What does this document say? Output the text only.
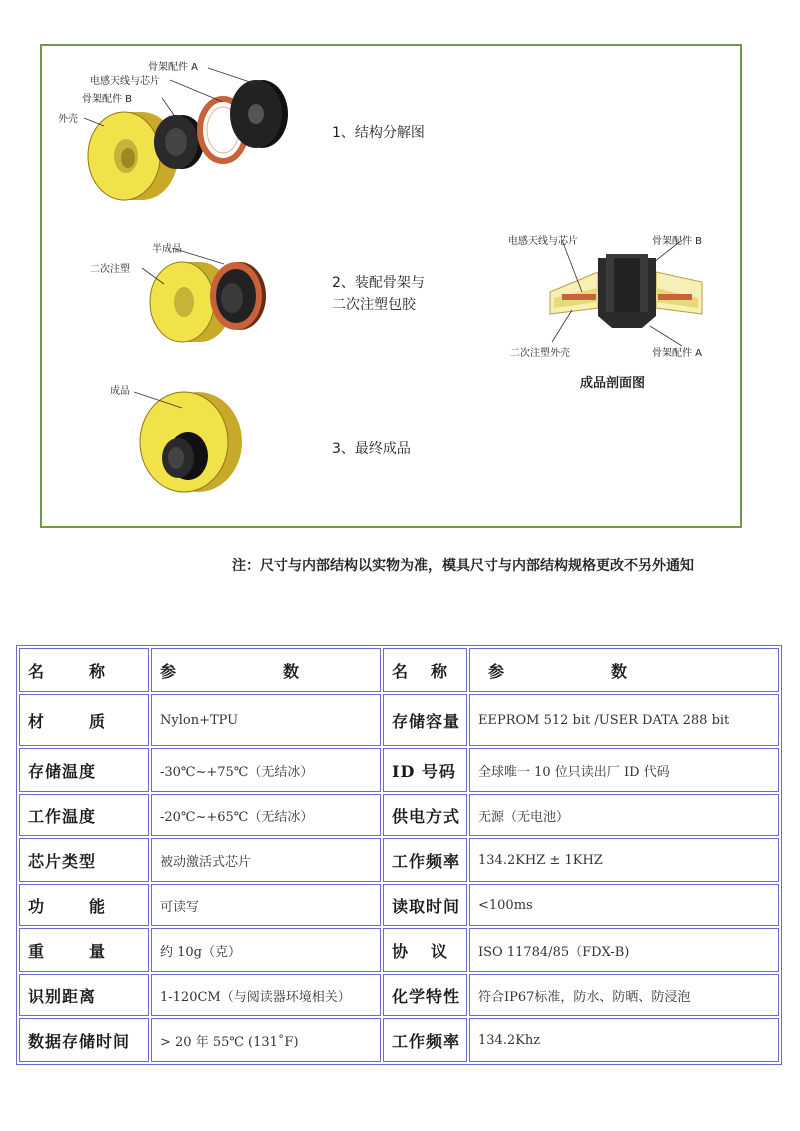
骨架配件 A
电感天线与芯片
骨架配件 B
外壳
1、结构分解图
半成品
二次注塑
2、装配骨架与
二次注塑包胶
成品
3、最终成品
电感天线与芯片	骨架配件 B
二次注塑外壳	骨架配件 A
成品剖面图
注：尺寸与内部结构以实物为准，模具尺寸与内部结构规格更改不另外通知
名 称	参 数	名 称	参 数

材 质	Nylon+TPU	存储容量	EEPROM 512 bit /USER DATA 288 bit
存储温度	-30℃~+75℃（无结冰）	ID 号码	全球唯一 10 位只读出厂 ID 代码
工作温度	-20℃~+65℃（无结冰）	供电方式	无源（无电池）
芯片类型	被动激活式芯片	工作频率	134.2KHZ ± 1KHZ

功 能	可读写	读取时间	<100ms

重 量	约 10g（克）	协 议	ISO 11784/85（FDX-B)
识别距离	1-120CM（与阅读器环境相关）	化学特性	符合IP67标准，防水、防晒、防浸泡
数据存储时间	> 20 年 55℃ (131˚F)	工作频率	134.2Khz
